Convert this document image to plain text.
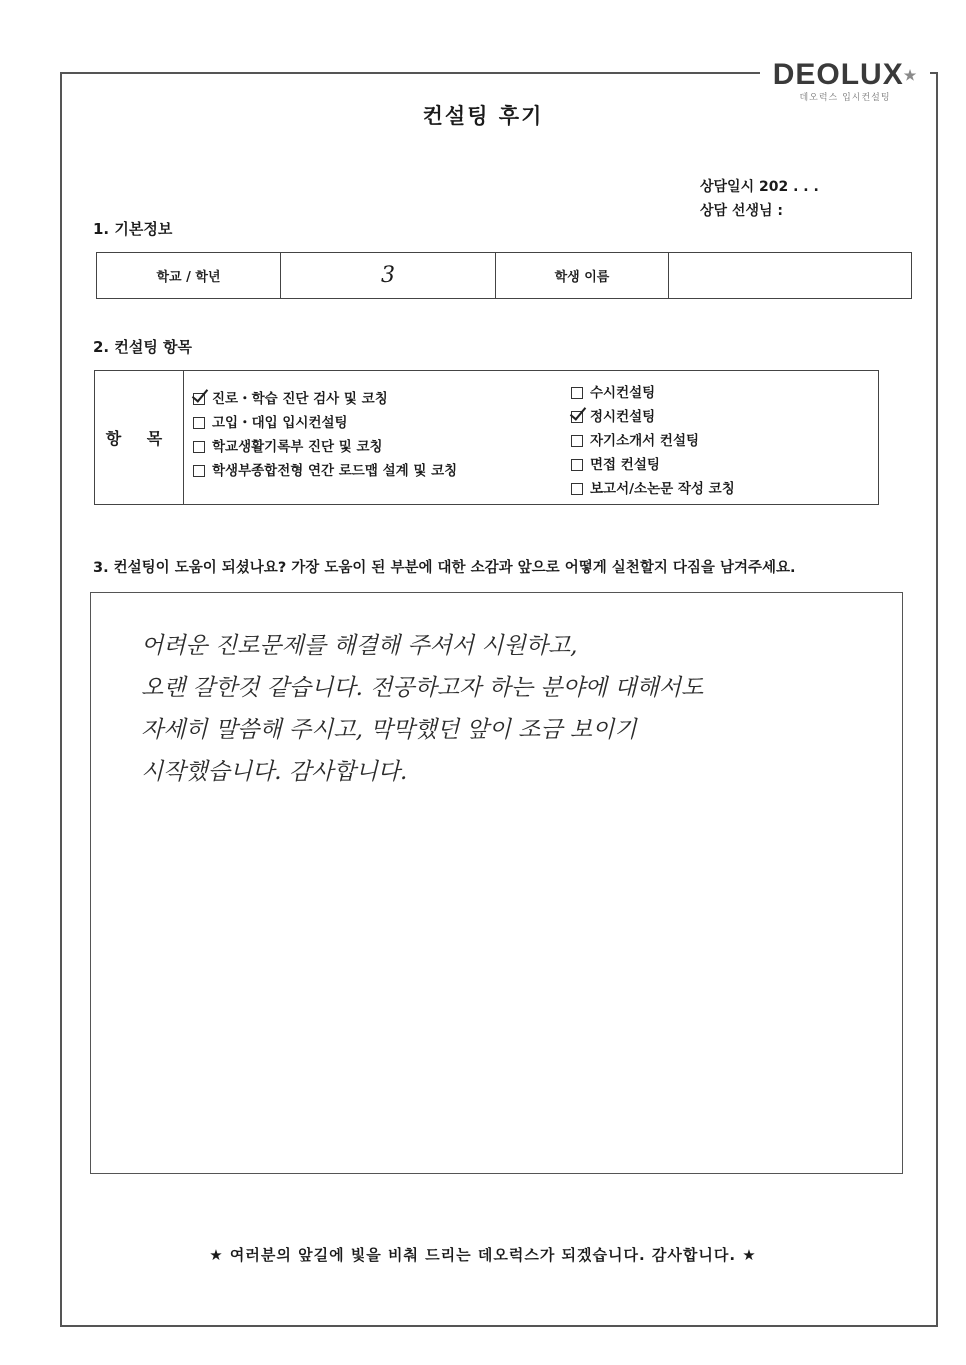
DEOLUX★
데오럭스 입시컨설팅
컨설팅 후기
상담일시 202 . . .
상담 선생님 :
1. 기본정보
학교 / 학년	3	학생 이름
2. 컨설팅 항목
항 목
진로・학습 진단 검사 및 코칭
고입・대입 입시컨설팅
학교생활기록부 진단 및 코칭
학생부종합전형 연간 로드맵 설계 및 코칭
수시컨설팅
정시컨설팅
자기소개서 컨설팅
면접 컨설팅
보고서/소논문 작성 코칭
3. 컨설팅이 도움이 되셨나요? 가장 도움이 된 부분에 대한 소감과 앞으로 어떻게 실천할지 다짐을 남겨주세요.
어려운 진로문제를 해결해 주셔서 시원하고,
오랜 갈한것 같습니다. 전공하고자 하는 분야에 대해서도
자세히 말씀해 주시고, 막막했던 앞이 조금 보이기
시작했습니다. 감사합니다.
★ 여러분의 앞길에 빛을 비춰 드리는 데오럭스가 되겠습니다. 감사합니다. ★
